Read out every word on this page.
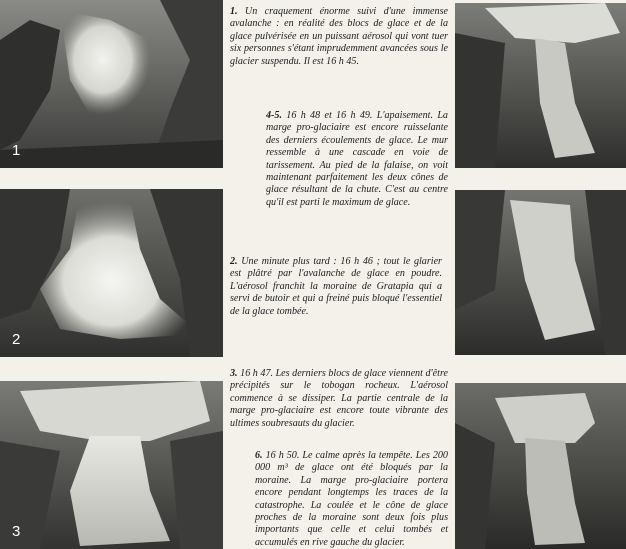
1
2
3

1. Un craquement énorme suivi d'une immense avalanche : en réalité des blocs de glace et de la glace pulvérisée en un puissant aérosol qui vont tuer six personnes s'étant imprudemment avancées sous le glacier suspendu. Il est 16 h 45.

4-5. 16 h 48 et 16 h 49. L'apaisement. La marge pro-glaciaire est encore ruisselante des derniers écoulements de glace. Le mur ressemble à une cascade en voie de tarissement. Au pied de la falaise, on voit maintenant parfaitement les deux cônes de glace résultant de la chute. C'est au centre qu'il est parti le maximum de glace.

2. Une minute plus tard : 16 h 46 ; tout le glarier est plâtré par l'avalanche de glace en poudre. L'aérosol franchit la moraine de Gratapia qui a servi de butoir et qui a freiné puis bloqué l'essentiel de la glace tombée.

3. 16 h 47. Les derniers blocs de glace viennent d'être précipités sur le tobogan rocheux. L'aérosol commence à se dissiper. La partie centrale de la marge pro-glaciaire est encore toute vibrante des ultimes soubresauts du glacier.

6. 16 h 50. Le calme après la tempête. Les 200 000 m³ de glace ont été bloqués par la moraine. La marge pro-glaciaire portera encore pendant longtemps les traces de la catastrophe. La coulée et le cône de glace proches de la moraine sont deux fois plus importants que celle et celui tombés et accumulés en rive gauche du glacier.
